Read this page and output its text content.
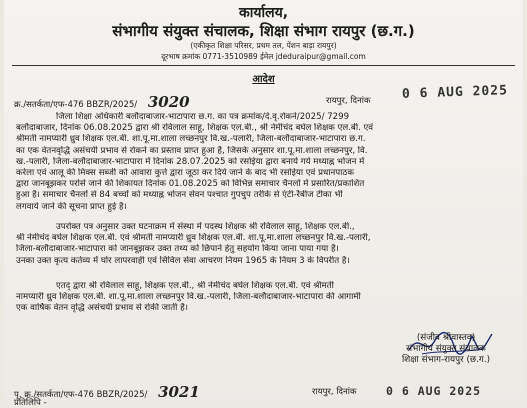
कार्यालय,
संभागीय संयुक्त संचालक, शिक्षा संभाग रायपुर (छ.ग.)
(एकीकृत शिक्षा परिसर, प्रथम तल, पेंशन बाड़ा रायपुर)
दूरभाष क्रमांक 0771-3510989 ईमेल jdeduraipur@gmail.com
आदेश
क्र./सतर्कता/एफ-476 BBZR/2025/ 3020	रायपुर, दिनांक 0 6 AUG 2025
जिला शिक्षा अधिकारी बलौदाबाजार-भाटापारा छ.ग. का पत्र क्रमांक/दे.वृ.रोकने/2025/ 7299
बलौदाबाजार, दिनांक 06.08.2025 द्वारा श्री रविलाल साहू, शिक्षक एल.बी., श्री नेमीचंद बघेल शिक्षक एल.बी. एवं
श्रीमती नामप्यारी ध्रुव शिक्षक एल.बी. शा.पू.मा.शाला लच्छनपुर वि.ख.-पलारी, जिला-बलौदाबाजार-भाटापारा छ.ग.
का एक वेतनवृद्धि असंचयी प्रभाव से रोकने का प्रस्ताव प्राप्त हुआ है, जिसके अनुसार शा.पू.मा.शाला लच्छनपुर, वि.
ख.-पलारी, जिला-बलौदाबाजार-भाटापारा में दिनांक 28.07.2025 को रसोईया द्वारा बनाये गये मध्याह्न भोजन में
करेला एवं आलू की मिक्स सब्जी को आवारा कुत्ते द्वारा जूठा कर दिये जाने के बाद भी रसोईया एवं प्रधानपाठक
द्वारा जानबूझकर परोसे जाने की शिकायत दिनांक 01.08.2025 को विभिन्न समाचार चैनलों में प्रसारित/प्रकाशित
हुआ है। समाचार चैनलों से 84 बच्चों को मध्याह्न भोजन सेवन पश्चात गुपचुप तरीके से एंटी-रैबीज टीका भी
लगवाये जाने की सूचना प्राप्त हुई है।
उपरोक्त पत्र अनुसार उक्त घटनाक्रम में संस्था में पदस्थ शिक्षक श्री रविलाल साहू, शिक्षक एल.बी.,
श्री नेमीचंद बघेल शिक्षक एल.बी. एवं श्रीमती नामप्यारी ध्रुव शिक्षक एल.बी. शा.पू.मा.शाला लच्छनपुर वि.ख.-पलारी,
जिला-बलौदाबाजार-भाटापारा को जानबूझकर उक्त तथ्य को छिपाने हेतु सहयोग किया जाना पाया गया है।
उनका उक्त कृत्य कर्तव्य में घोर लापरवाही एवं सिविल सेवा आचरण नियम 1965 के नियम 3 के विपरीत है।
एतद् द्वारा श्री रविलाल साहू, शिक्षक एल.बी., श्री नेमीचंद बघेल शिक्षक एल.बी. एवं श्रीमती
नामप्यारी ध्रुव शिक्षक एल.बी. शा.पू.मा.शाला लच्छनपुर वि.ख.-पलारी, जिला-बलौदाबाजार-भाटापारा की आगामी
एक वार्षिक वेतन वृद्धि असंचयी प्रभाव से रोकी जाती है।
(संजीव श्रीवास्तव)
संभागीय संयुक्त संचालक
शिक्षा संभाग-रायपुर (छ.ग.)
पृ. क्र./सतर्कता/एफ-476 BBZR/2025/ 3021	रायपुर, दिनांक	0 6 AUG 2025
प्रतिलिपि -
